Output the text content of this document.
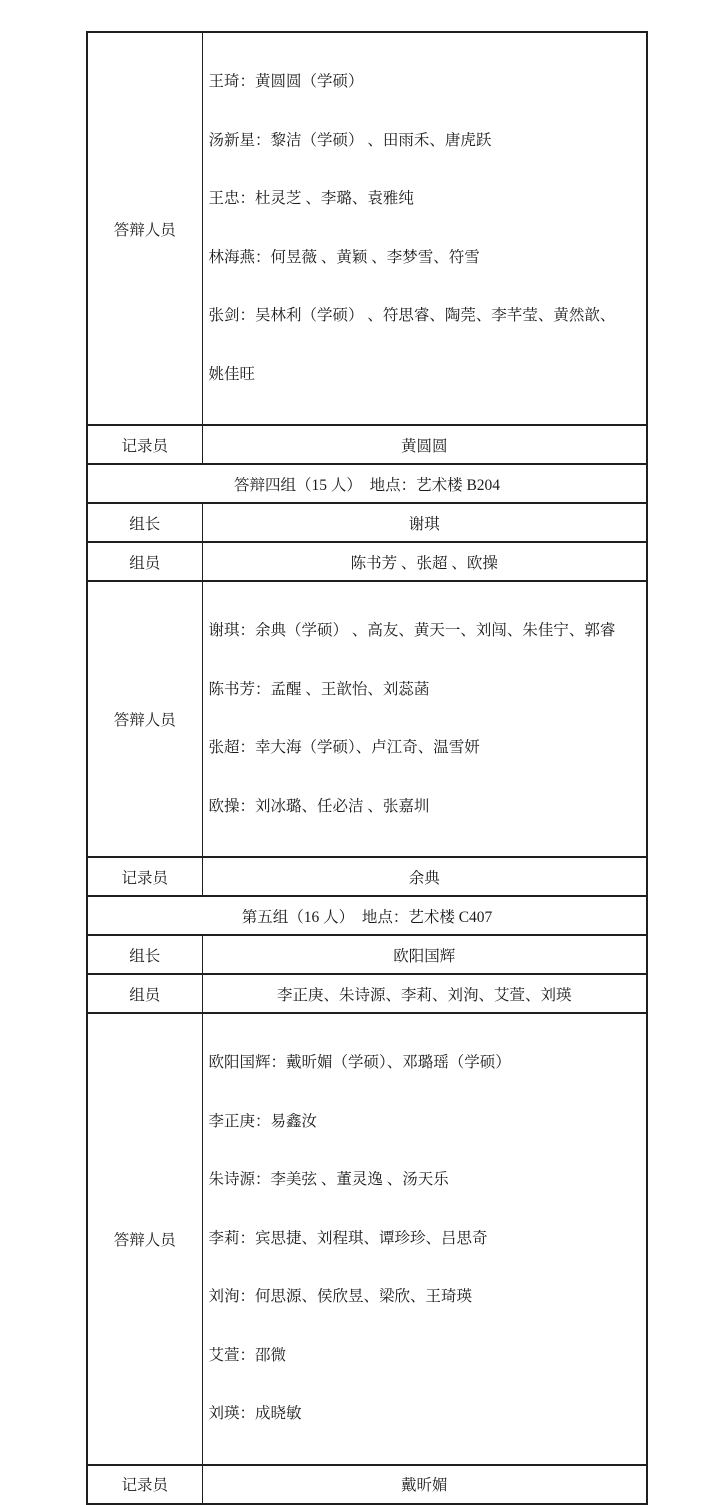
答辩人员	

王琦：黄圆圆（学硕）

汤新星：黎洁（学硕） 、田雨禾、唐虎跃

王忠：杜灵芝 、李璐、袁雅纯

林海燕：何昱薇 、黄颖 、李梦雪、符雪

张剑：吴林利（学硕） 、符思睿、陶莞、李芊莹、黄然歆、

姚佳旺

记录员	黄圆圆
答辩四组（15 人）  地点：艺术楼 B204	
组长	谢琪
组员	陈书芳 、张超 、欧操
答辩人员	谢琪：余典（学硕） 、高友、黄天一、刘闯、朱佳宁、郭睿

陈书芳：孟醒 、王歆怡、刘蕊菡

张超：幸大海（学硕）、卢江奇、温雪妍

欧操：刘冰璐、任必洁 、张嘉圳

记录员	余典
第五组（16 人）  地点：艺术楼 C407	
组长	欧阳国辉
组员	李正庚、朱诗源、李莉、刘洵、艾萱、刘瑛
答辩人员	

欧阳国辉：戴昕媚（学硕）、邓璐瑶（学硕）

李正庚：易鑫汝

朱诗源：李美弦 、董灵逸 、汤天乐

李莉：宾思捷、刘程琪、谭珍珍、吕思奇

刘洵：何思源、侯欣昱、梁欣、王琦瑛

艾萱：邵微

刘瑛：成晓敏

记录员	戴昕媚
